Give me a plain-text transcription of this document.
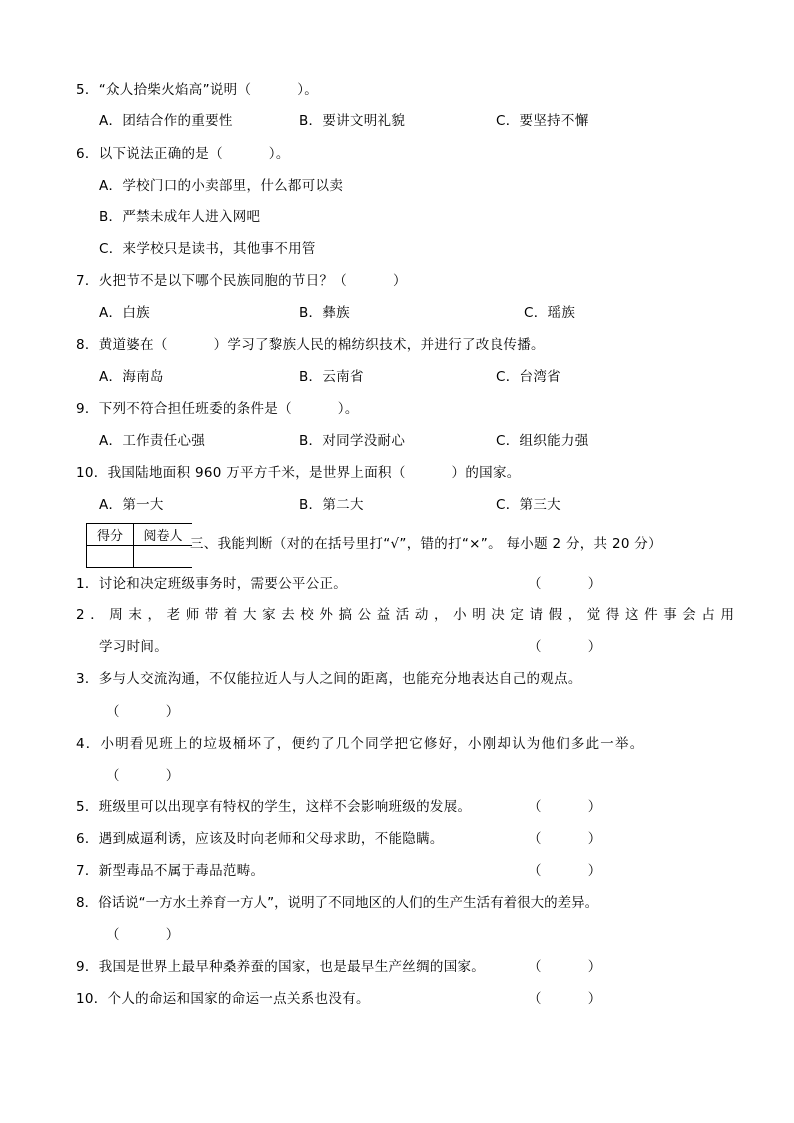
5．“众人拾柴火焰高”说明（          ）。
A．团结合作的重要性	B．要讲文明礼貌	C．要坚持不懈
6．以下说法正确的是（          ）。
A．学校门口的小卖部里，什么都可以卖
B．严禁未成年人进入网吧
C．来学校只是读书，其他事不用管
7．火把节不是以下哪个民族同胞的节日？（          ）
A．白族	B．彝族	C．瑶族
8．黄道婆在（          ）学习了黎族人民的棉纺织技术，并进行了改良传播。
A．海南岛	B．云南省	C．台湾省
9．下列不符合担任班委的条件是（          ）。
A．工作责任心强	B．对同学没耐心	C．组织能力强
10．我国陆地面积 960 万平方千米，是世界上面积（          ）的国家。
A．第一大	B．第二大	C．第三大
得分	阅卷人
	三、我能判断（对的在括号里打“√”，错的打“×”。 每小题 2 分，共 20 分）
1．讨论和决定班级事务时，需要公平公正。	（          ）
2．周末，老师带着大家去校外搞公益活动，小明决定请假，觉得这件事会占用
学习时间。	（          ）
3．多与人交流沟通，不仅能拉近人与人之间的距离，也能充分地表达自己的观点。
（          ）
4．小明看见班上的垃圾桶坏了，便约了几个同学把它修好，小刚却认为他们多此一举。
（          ）
5．班级里可以出现享有特权的学生，这样不会影响班级的发展。	（          ）
6．遇到威逼利诱，应该及时向老师和父母求助，不能隐瞒。	（          ）
7．新型毒品不属于毒品范畴。	（          ）
8．俗话说“一方水土养育一方人”，说明了不同地区的人们的生产生活有着很大的差异。
（          ）
9．我国是世界上最早种桑养蚕的国家，也是最早生产丝绸的国家。	（          ）
10．个人的命运和国家的命运一点关系也没有。	（          ）
